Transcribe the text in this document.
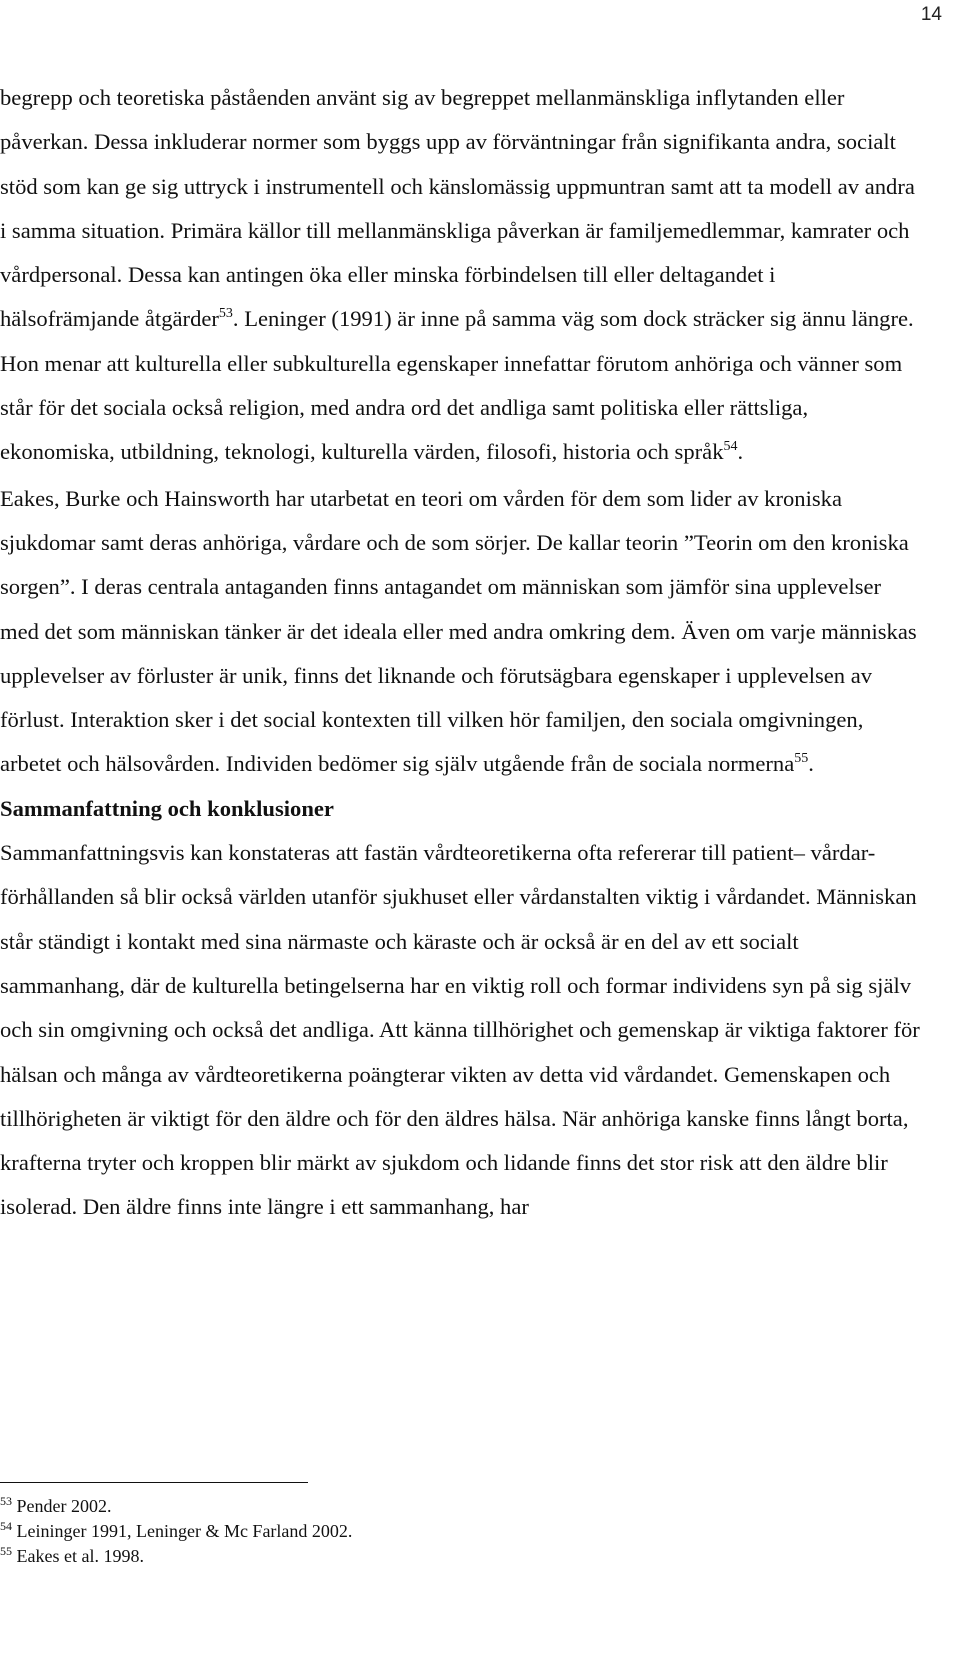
14

begrepp och teoretiska påståenden använt sig av begreppet mellanmänskliga inflytanden eller påverkan. Dessa inkluderar normer som byggs upp av förväntningar från signifikanta andra, socialt stöd som kan ge sig uttryck i instrumentell och känslomässig uppmuntran samt att ta modell av andra i samma situation. Primära källor till mellanmänskliga påverkan är familjemedlemmar, kamrater och vårdpersonal. Dessa kan antingen öka eller minska förbindelsen till eller deltagandet i hälsofrämjande åtgärder$^{53}$. Leninger (1991) är inne på samma väg som dock sträcker sig ännu längre. Hon menar att kulturella eller subkulturella egenskaper innefattar förutom anhöriga och vänner som står för det sociala också religion, med andra ord det andliga samt politiska eller rättsliga, ekonomiska, utbildning, teknologi, kulturella värden, filosofi, historia och språk$^{54}$.

Eakes, Burke och Hainsworth har utarbetat en teori om vården för dem som lider av kroniska sjukdomar samt deras anhöriga, vårdare och de som sörjer. De kallar teorin ”Teorin om den kroniska sorgen”. I deras centrala antaganden finns antagandet om människan som jämför sina upplevelser med det som människan tänker är det ideala eller med andra omkring dem. Även om varje människas upplevelser av förluster är unik, finns det liknande och förutsägbara egenskaper i upplevelsen av förlust. Interaktion sker i det social kontexten till vilken hör familjen, den sociala omgivningen, arbetet och hälsovården. Individen bedömer sig själv utgående från de sociala normerna$^{55}$.

Sammanfattning och konklusioner

Sammanfattningsvis kan konstateras att fastän vårdteoretikerna ofta refererar till patient– vårdar- förhållanden så blir också världen utanför sjukhuset eller vårdanstalten viktig i vårdandet. Människan står ständigt i kontakt med sina närmaste och käraste och är också är en del av ett socialt sammanhang, där de kulturella betingelserna har en viktig roll och formar individens syn på sig själv och sin omgivning och också det andliga. Att känna tillhörighet och gemenskap är viktiga faktorer för hälsan och många av vårdteoretikerna poängterar vikten av detta vid vårdandet. Gemenskapen och tillhörigheten är viktigt för den äldre och för den äldres hälsa. När anhöriga kanske finns långt borta, krafterna tryter och kroppen blir märkt av sjukdom och lidande finns det stor risk att den äldre blir isolerad. Den äldre finns inte längre i ett sammanhang, har

$^{53}$ Pender 2002.
$^{54}$ Leininger 1991, Leninger & Mc Farland 2002.
$^{55}$ Eakes et al. 1998.
